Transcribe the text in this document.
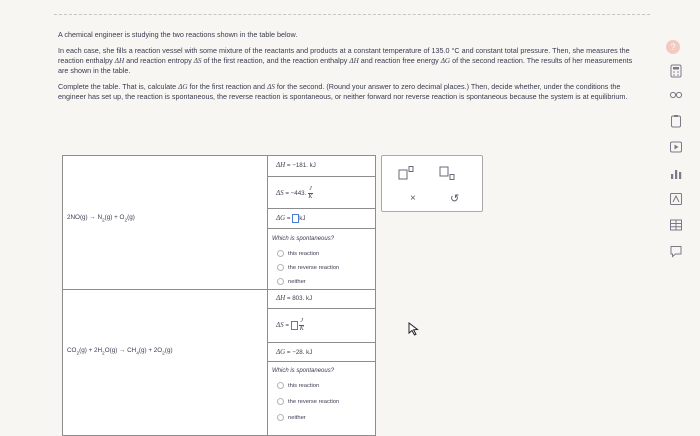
A chemical engineer is studying the two reactions shown in the table below.

In each case, she fills a reaction vessel with some mixture of the reactants and products at a constant temperature of 135.0 °C and constant total pressure. Then, she measures the reaction enthalpy ΔH and reaction entropy ΔS of the first reaction, and the reaction enthalpy ΔH and reaction free energy ΔG of the second reaction. The results of her measurements are shown in the table.

Complete the table. That is, calculate ΔG for the first reaction and ΔS for the second. (Round your answer to zero decimal places.) Then, decide whether, under the conditions the engineer has set up, the reaction is spontaneous, the reverse reaction is spontaneous, or neither forward nor reverse reaction is spontaneous because the system is at equilibrium.

$2NO(g) \to N_2(g) + O_2(g)$
ΔH = −181. kJ
ΔS = −443. $\frac{J}{K}$
ΔG = kJ
Which is spontaneous?
this reaction
the reverse reaction
neither
$CO_2(g) + 2H_2O(g) \to CH_4(g) + 2O_2(g)$
ΔH = 803. kJ
$\Delta S = \frac{J}{K}$
ΔG = −28. kJ
Which is spontaneous?
this reaction
the reverse reaction
neither
×	↺
?
